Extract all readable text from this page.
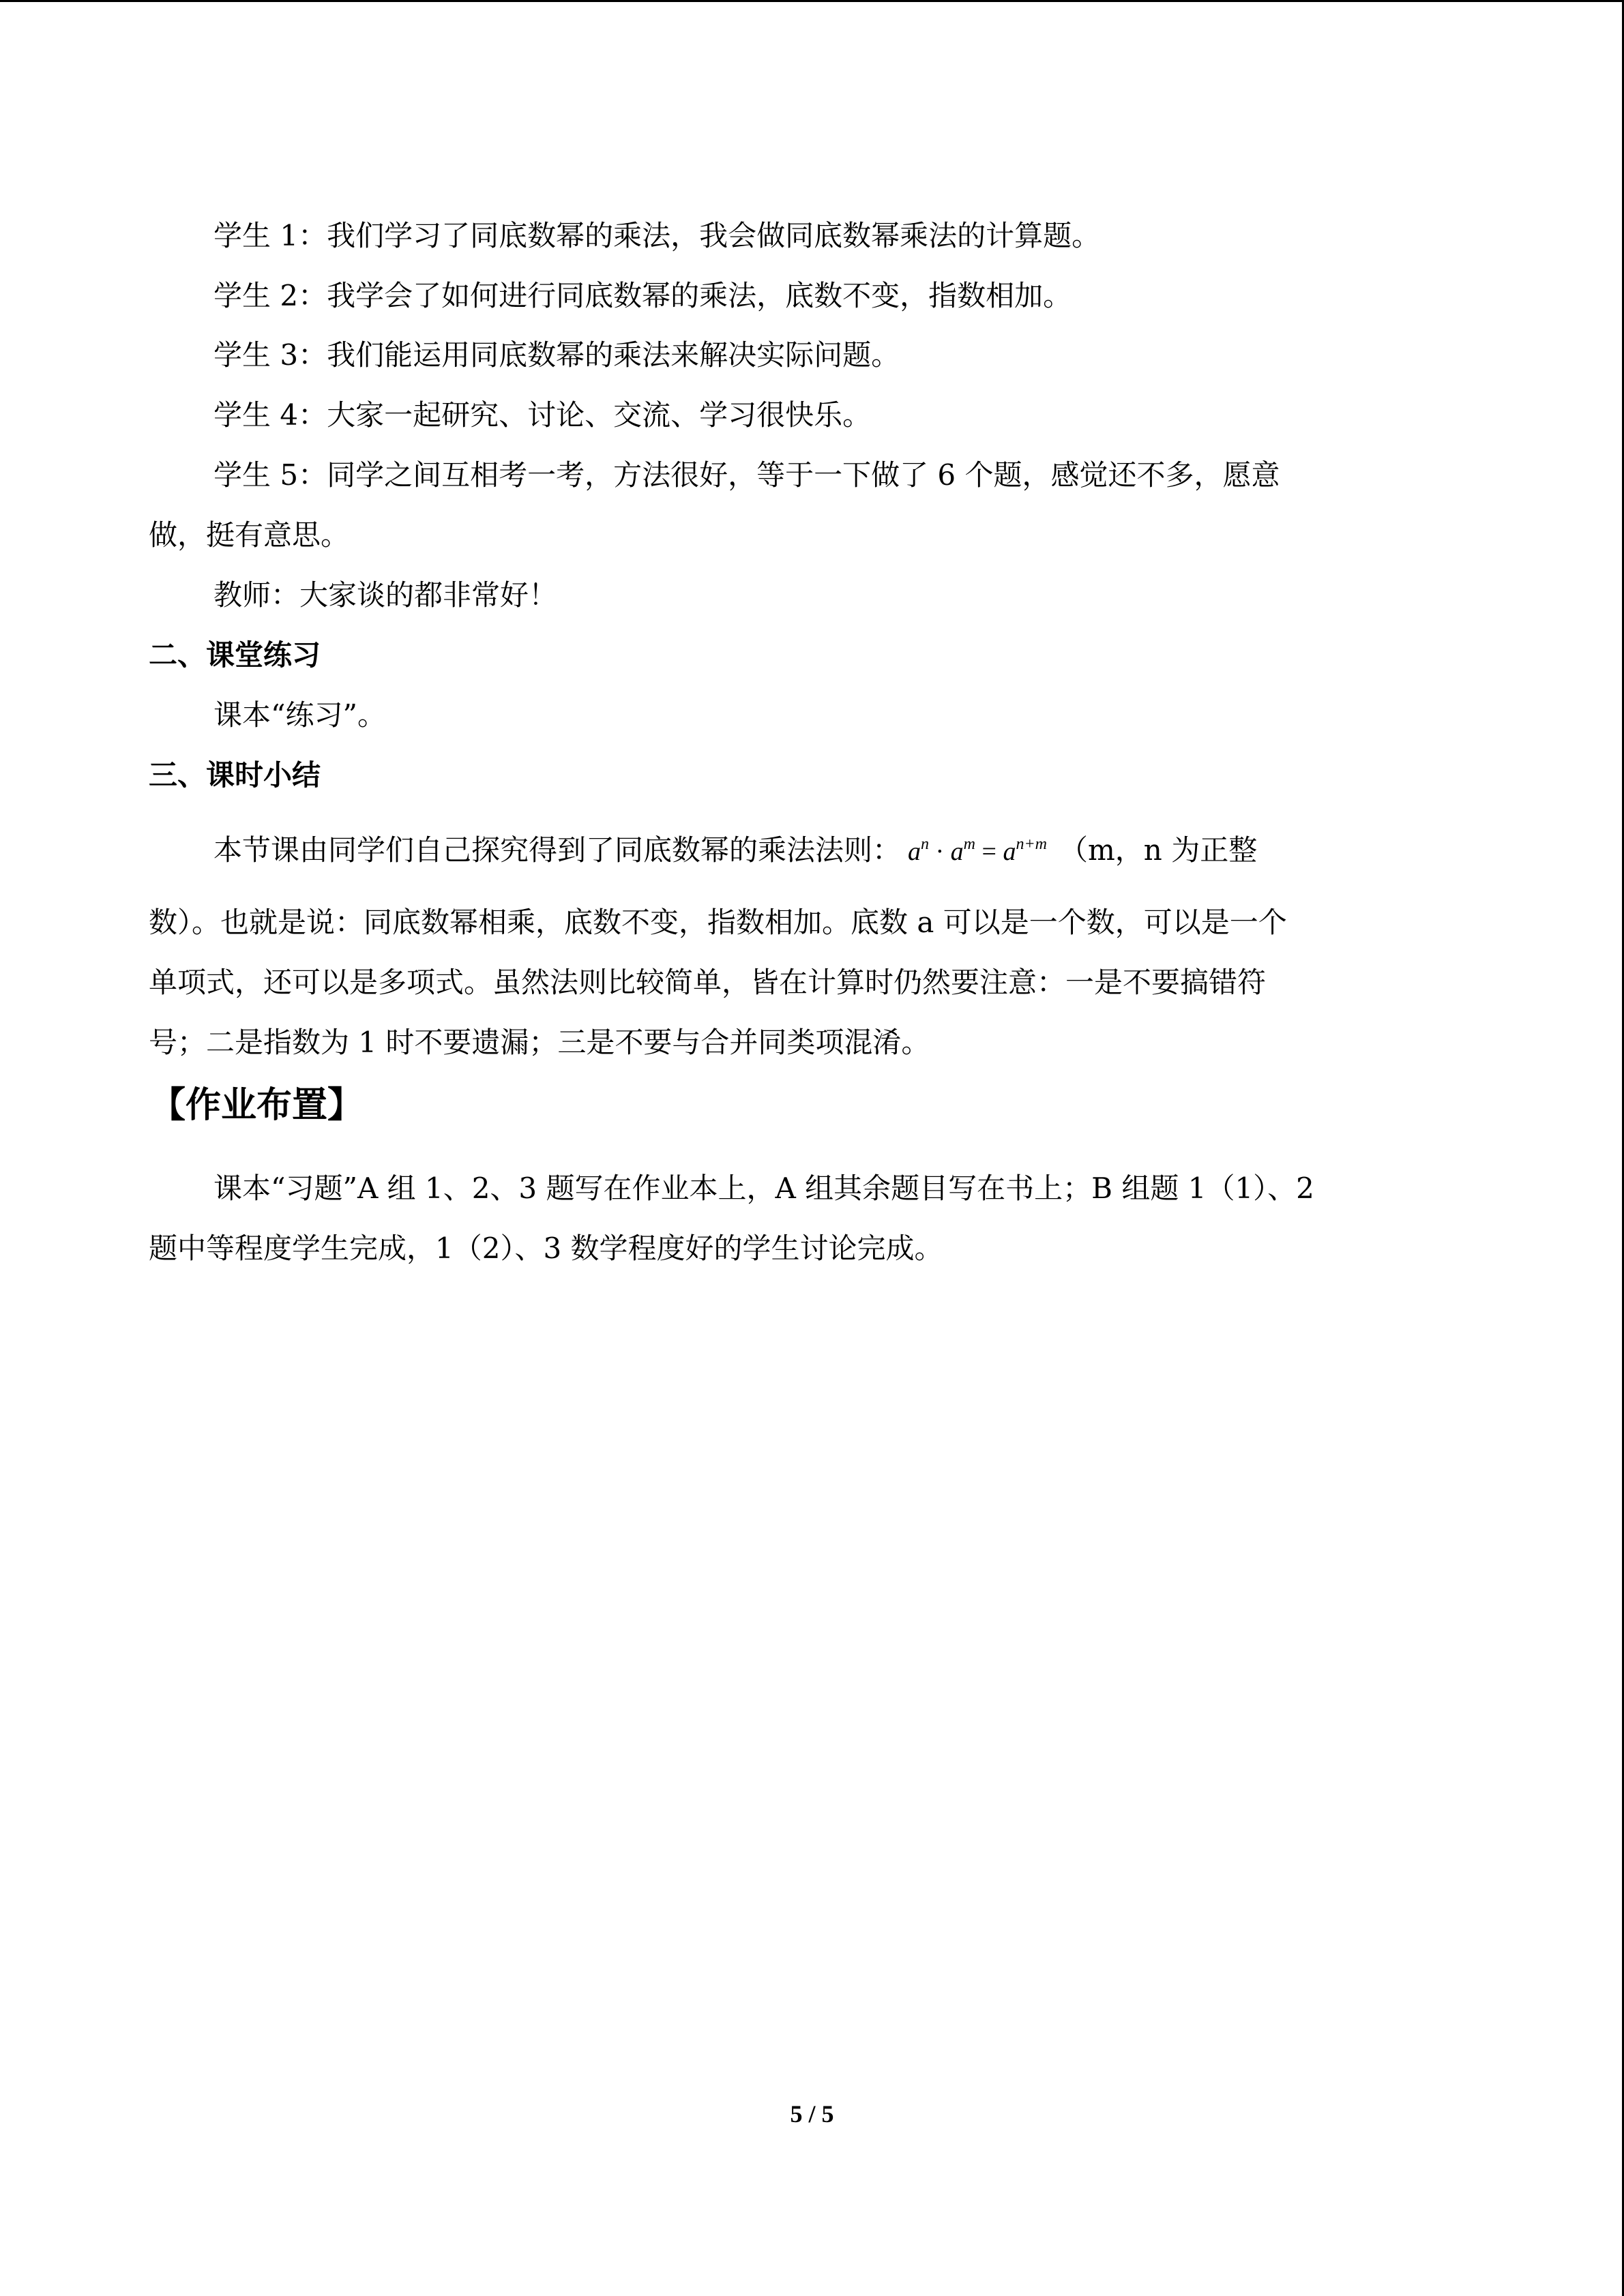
学生 1：我们学习了同底数幂的乘法，我会做同底数幂乘法的计算题。
学生 2：我学会了如何进行同底数幂的乘法，底数不变，指数相加。
学生 3：我们能运用同底数幂的乘法来解决实际问题。
学生 4：大家一起研究、讨论、交流、学习很快乐。
学生 5：同学之间互相考一考，方法很好，等于一下做了 6 个题，感觉还不多，愿意
做，挺有意思。
教师：大家谈的都非常好！
二、课堂练习
课本“练习”。
三、课时小结
本节课由同学们自己探究得到了同底数幂的乘法法则： $a^n \cdot a^m = a^{n+m}$ （m，n 为正整
数）。也就是说：同底数幂相乘，底数不变，指数相加。底数 a 可以是一个数，可以是一个
单项式，还可以是多项式。虽然法则比较简单，皆在计算时仍然要注意：一是不要搞错符
号；二是指数为 1 时不要遗漏；三是不要与合并同类项混淆。
【作业布置】
课本“习题”A 组 1、2、3 题写在作业本上，A 组其余题目写在书上；B 组题 1（1）、2
题中等程度学生完成，1（2）、3 数学程度好的学生讨论完成。
5 / 5
